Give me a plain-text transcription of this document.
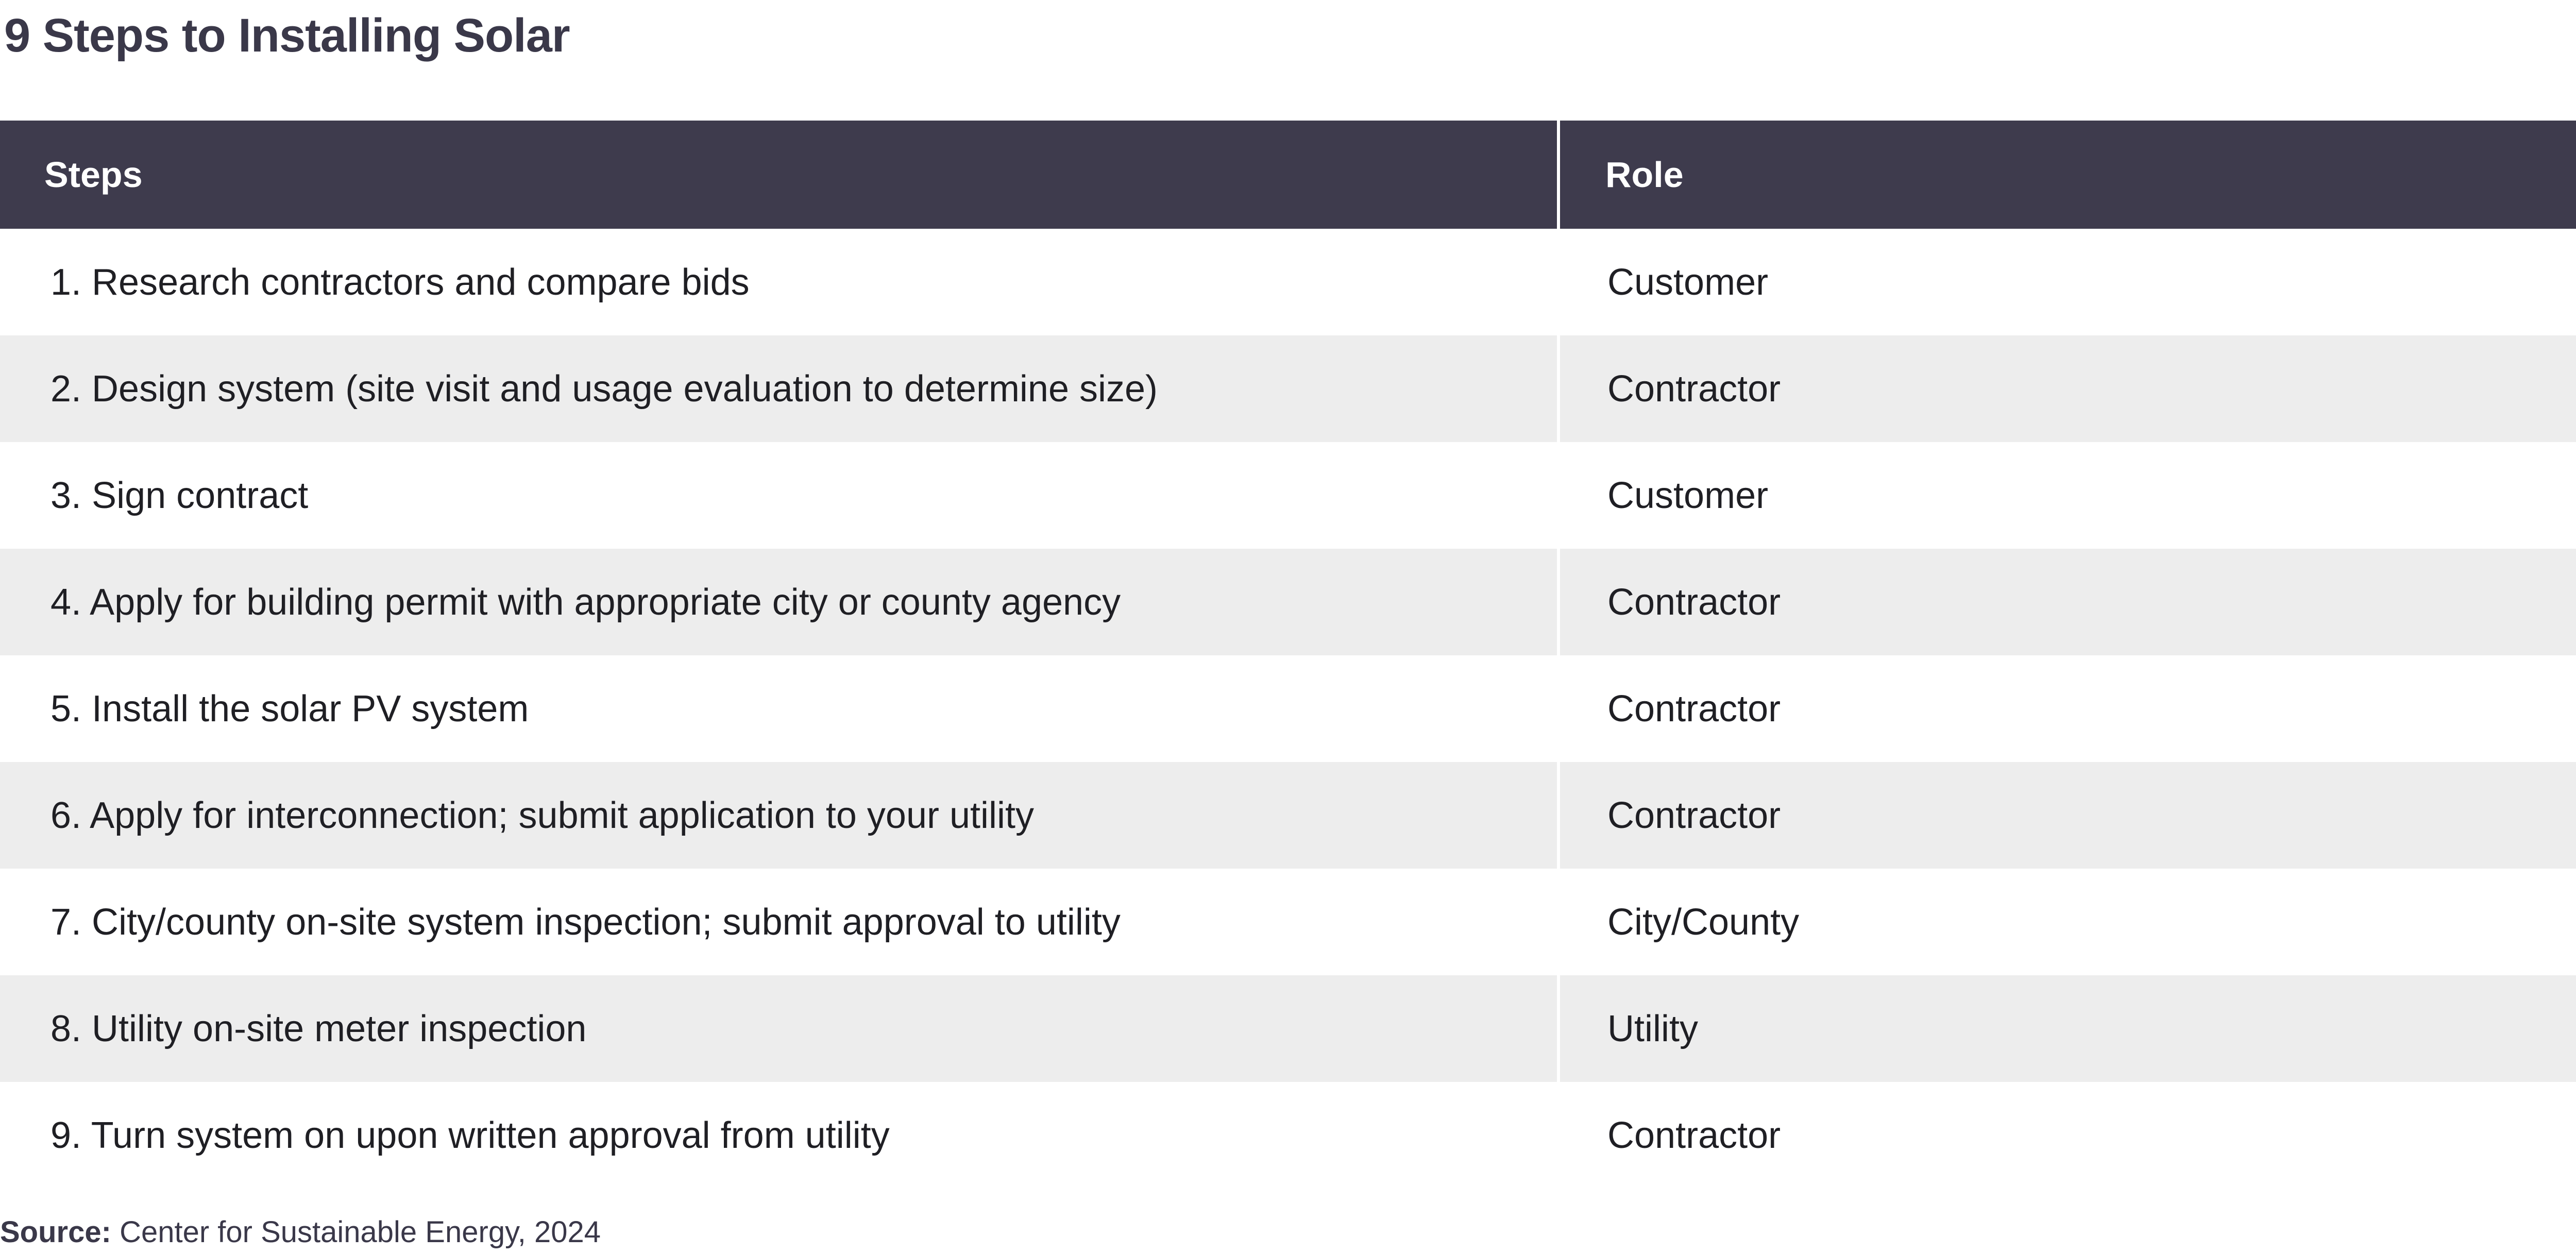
9 Steps to Installing Solar
Steps	Role
1. Research contractors and compare bids	Customer
2. Design system (site visit and usage evaluation to determine size)	Contractor
3. Sign contract	Customer
4. Apply for building permit with appropriate city or county agency	Contractor
5. Install the solar PV system	Contractor
6. Apply for interconnection; submit application to your utility	Contractor
7. City/county on-site system inspection; submit approval to utility	City/County
8. Utility on-site meter inspection	Utility
9. Turn system on upon written approval from utility	Contractor
Source: Center for Sustainable Energy, 2024
